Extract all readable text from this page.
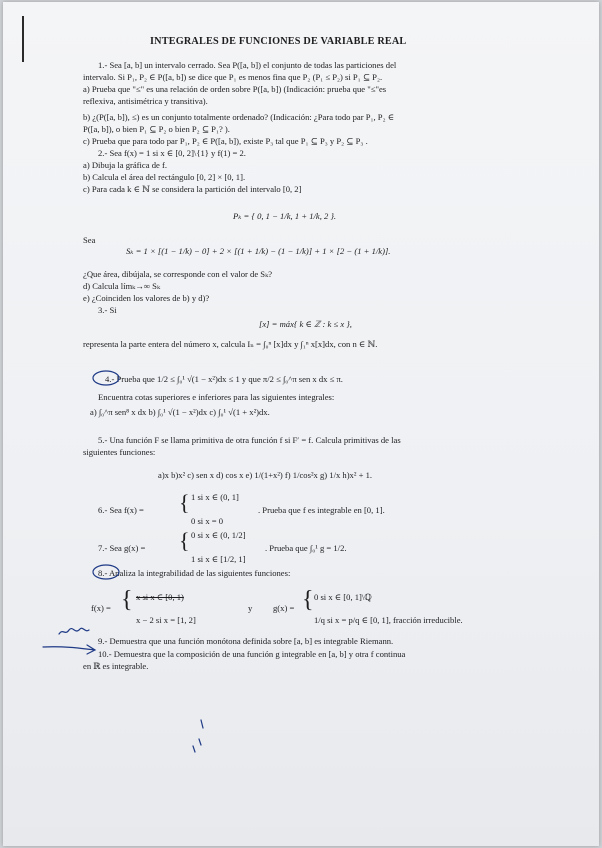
INTEGRALES DE FUNCIONES DE VARIABLE REAL
1.- Sea [a, b] un intervalo cerrado. Sea P([a, b]) el conjunto de todas las particiones del
intervalo. Si P₁, P₂ ∈ P([a, b]) se dice que P₁ es menos fina que P₂ (P₁ ≤ P₂) si P₁ ⊆ P₂.
a) Prueba que "≤" es una relación de orden sobre P([a, b]) (Indicación: prueba que "≤"es
reflexiva, antisimétrica y transitiva).
b) ¿(P([a, b]), ≤) es un conjunto totalmente ordenado? (Indicación: ¿Para todo par P₁, P₂ ∈
P([a, b]), o bien P₁ ⊆ P₂ o bien P₂ ⊆ P₁? ).
c) Prueba que para todo par P₁, P₂ ∈ P([a, b]), existe P₃ tal que P₁ ⊆ P₃ y P₂ ⊆ P₃ .
2.- Sea f(x) = 1 si x ∈ [0, 2]\{1} y f(1) = 2.
a) Dibuja la gráfica de f.
b) Calcula el área del rectángulo [0, 2] × [0, 1].
c) Para cada k ∈ ℕ se considera la partición del intervalo [0, 2]
Pₖ = { 0, 1 − 1/k, 1 + 1/k, 2 }.
Sea
Sₖ = 1 × [(1 − 1/k) − 0] + 2 × [(1 + 1/k) − (1 − 1/k)] + 1 × [2 − (1 + 1/k)].
¿Que área, dibújala, se corresponde con el valor de Sₖ?
d) Calcula límₖ→∞ Sₖ
e) ¿Coinciden los valores de b) y d)?
3.- Si
[x] = máx{ k ∈ ℤ : k ≤ x },
representa la parte entera del número x, calcula Iₙ = ∫₀ⁿ [x]dx y ∫₁ⁿ x[x]dx, con n ∈ ℕ.
4.- Prueba que 1/2 ≤ ∫₀¹ √(1 − x²)dx ≤ 1 y que π/2 ≤ ∫₀^π sen x dx ≤ π.
Encuentra cotas superiores e inferiores para las siguientes integrales:
a) ∫₀^π sen⁸ x dx b) ∫₀¹ √(1 − x²)dx c) ∫₀¹ √(1 + x²)dx.
5.- Una función F se llama primitiva de otra función f si F′ = f. Calcula primitivas de las
siguientes funciones:
a)x b)x² c) sen x d) cos x e) 1/(1+x²) f) 1/cos²x g) 1/x h)x² + 1.
6.- Sea f(x) = { 1 si x ∈ (0, 1]
0 si x = 0
. Prueba que f es integrable en [0, 1].
7.- Sea g(x) = { 0 si x ∈ (0, 1/2]
1 si x ∈ [1/2, 1]
. Prueba que ∫₀¹ g = 1/2.
8.- Analiza la integrabilidad de las siguientes funciones:
f(x) = { x si x ∈ [0, 1)
x − 2 si x = [1, 2]
y g(x) = { 0 si x ∈ [0, 1]\ℚ
1/q si x = p/q ∈ [0, 1], fracción irreducible.
9.- Demuestra que una función monótona definida sobre [a, b] es integrable Riemann.
10.- Demuestra que la composición de una función g integrable en [a, b] y otra f continua
en ℝ es integrable.
